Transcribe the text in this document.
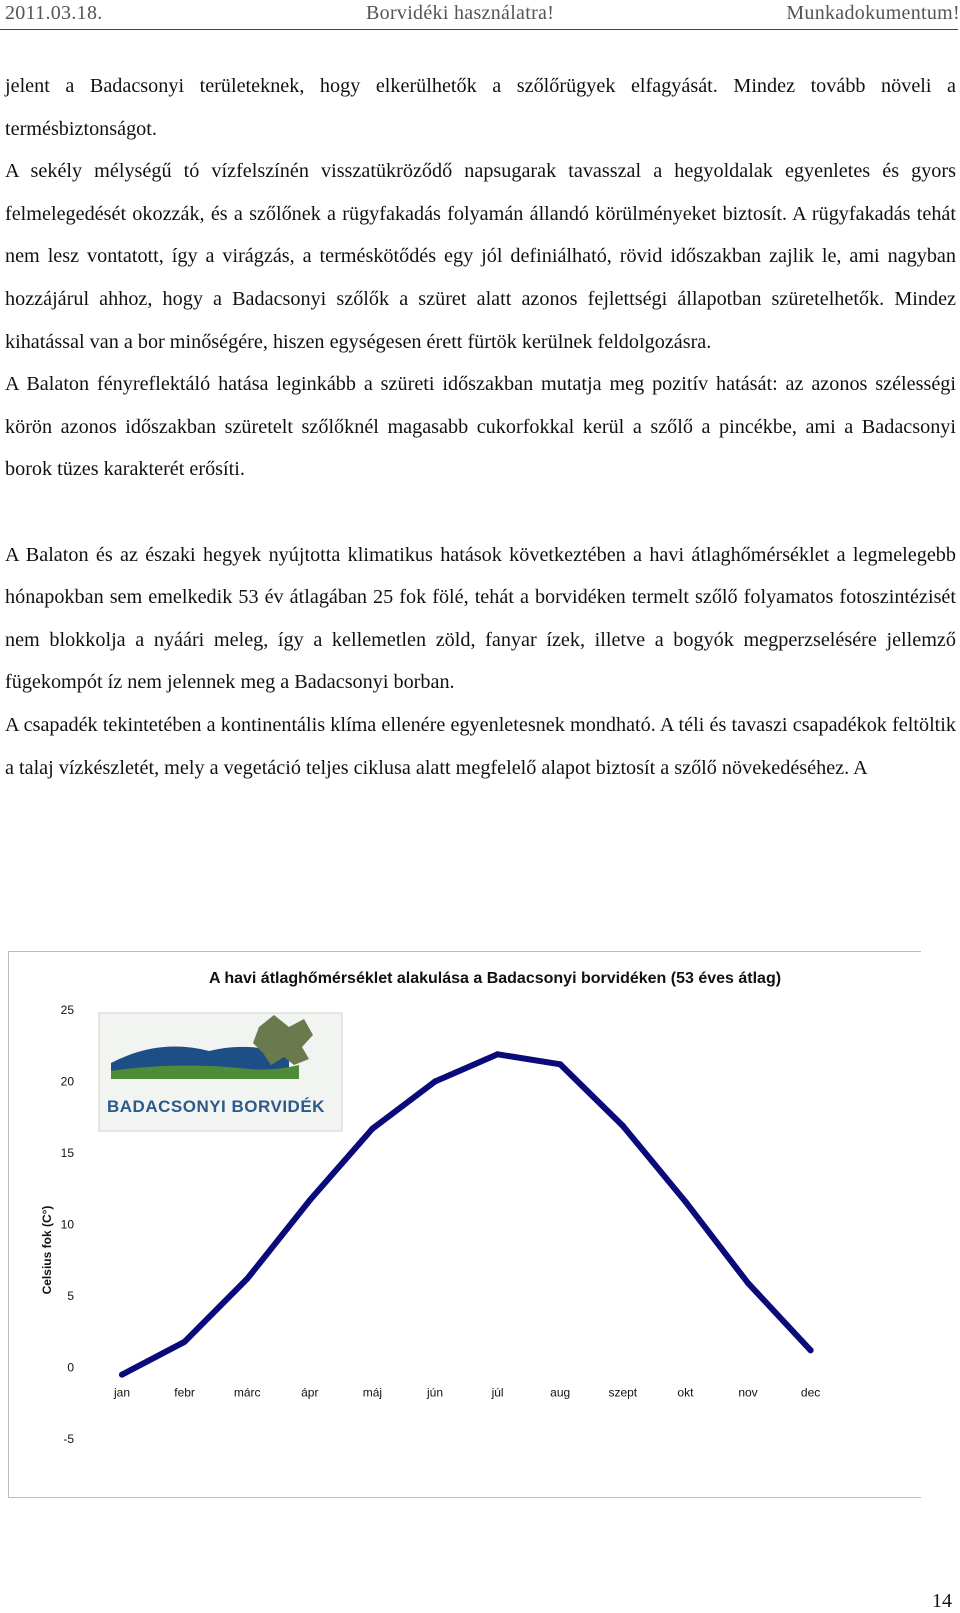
2011.03.18.	Borvidéki használatra!	Munkadokumentum!

jelent a Badacsonyi területeknek, hogy elkerülhetők a szőlőrügyek elfagyását. Mindez tovább növeli a termésbiztonságot.

A sekély mélységű tó vízfelszínén visszatükröződő napsugarak tavasszal a hegyoldalak egyenletes és gyors felmelegedését okozzák, és a szőlőnek a rügyfakadás folyamán állandó körülményeket biztosít. A rügyfakadás tehát nem lesz vontatott, így a virágzás, a terméskötődés egy jól definiálható, rövid időszakban zajlik le, ami nagyban hozzájárul ahhoz, hogy a Badacsonyi szőlők a szüret alatt azonos fejlettségi állapotban szüretelhetők. Mindez kihatással van a bor minőségére, hiszen egységesen érett fürtök kerülnek feldolgozásra.

A Balaton fényreflektáló hatása leginkább a szüreti időszakban mutatja meg pozitív hatását: az azonos szélességi körön azonos időszakban szüretelt szőlőknél magasabb cukorfokkal kerül a szőlő a pincékbe, ami a Badacsonyi borok tüzes karakterét erősíti.

A Balaton és az északi hegyek nyújtotta klimatikus hatások következtében a havi átlaghőmérséklet a legmelegebb hónapokban sem emelkedik 53 év átlagában 25 fok fölé, tehát a borvidéken termelt szőlő folyamatos fotoszintézisét nem blokkolja a nyáári meleg, így a kellemetlen zöld, fanyar ízek, illetve a bogyók megperzselésére jellemző fügekompót íz nem jelennek meg a Badacsonyi borban.

A csapadék tekintetében a kontinentális klíma ellenére egyenletesnek mondható. A téli és tavaszi csapadékok feltöltik a talaj vízkészletét, mely a vegetáció teljes ciklusa alatt megfelelő alapot biztosít a szőlő növekedéséhez. A

A havi átlaghőmérséklet alakulása a Badacsonyi borvidéken (53 éves átlag)
Celsius fok (C°)
BADACSONYI BORVIDÉK
25
20
15
10
5
0
-5
jan	febr	márc	ápr	máj	jún	júl	aug	szept	okt	nov	dec
14
